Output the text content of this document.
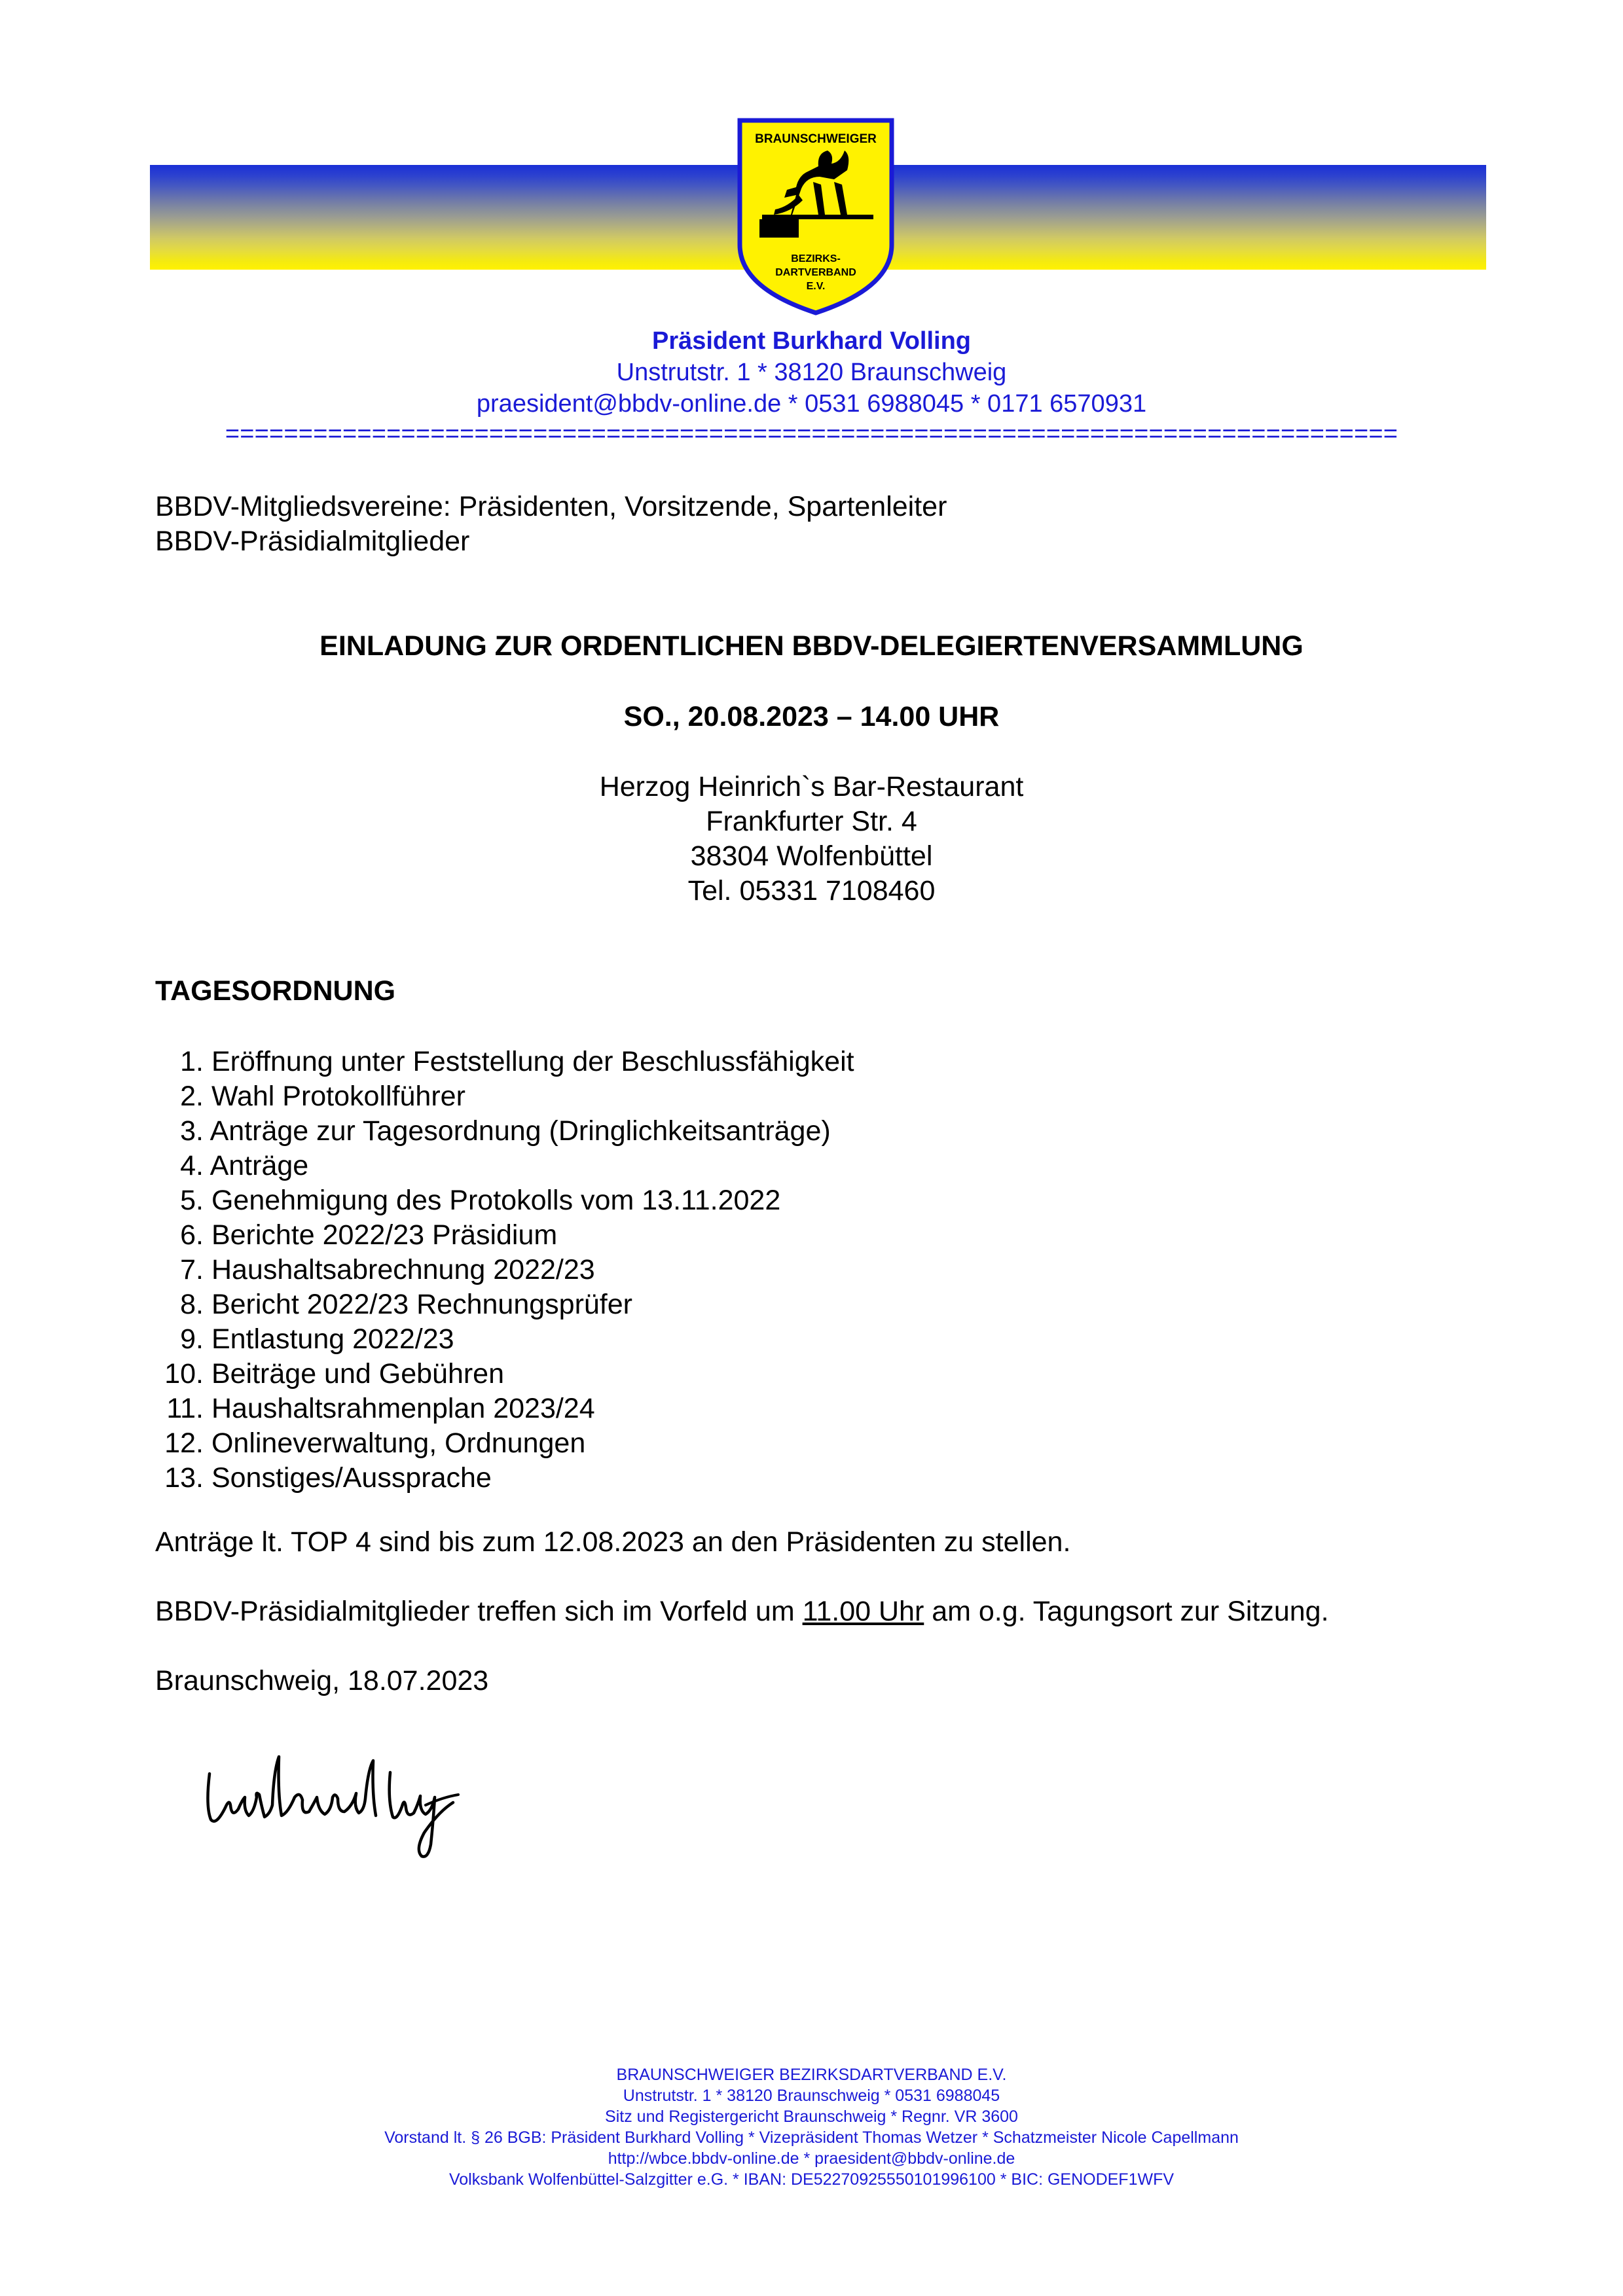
BRAUNSCHWEIGER
BEZIRKS-
DARTVERBAND
E.V.
Präsident Burkhard Volling
Unstrutstr. 1 * 38120 Braunschweig
praesident@bbdv-online.de * 0531 6988045 * 0171 6570931
================================================================================
BBDV-Mitgliedsvereine: Präsidenten, Vorsitzende, Spartenleiter
BBDV-Präsidialmitglieder
EINLADUNG ZUR ORDENTLICHEN BBDV-DELEGIERTENVERSAMMLUNG
SO., 20.08.2023 – 14.00 UHR
Herzog Heinrich`s Bar-Restaurant
Frankfurter Str. 4
38304 Wolfenbüttel
Tel. 05331 7108460
TAGESORDNUNG
1. Eröffnung unter Feststellung der Beschlussfähigkeit
2. Wahl Protokollführer
3. Anträge zur Tagesordnung (Dringlichkeitsanträge)
4. Anträge
5. Genehmigung des Protokolls vom 13.11.2022
6. Berichte 2022/23 Präsidium
7. Haushaltsabrechnung 2022/23
8. Bericht 2022/23 Rechnungsprüfer
9. Entlastung 2022/23
10. Beiträge und Gebühren
11. Haushaltsrahmenplan 2023/24
12. Onlineverwaltung, Ordnungen
13. Sonstiges/Aussprache
Anträge lt. TOP 4 sind bis zum 12.08.2023 an den Präsidenten zu stellen.
BBDV-Präsidialmitglieder treffen sich im Vorfeld um 11.00 Uhr am o.g. Tagungsort zur Sitzung.
Braunschweig, 18.07.2023
BRAUNSCHWEIGER BEZIRKSDARTVERBAND E.V.
Unstrutstr. 1 * 38120 Braunschweig * 0531 6988045
Sitz und Registergericht Braunschweig * Regnr. VR 3600
Vorstand lt. § 26 BGB: Präsident Burkhard Volling * Vizepräsident Thomas Wetzer * Schatzmeister Nicole Capellmann
http://wbce.bbdv-online.de * praesident@bbdv-online.de
Volksbank Wolfenbüttel-Salzgitter e.G. * IBAN: DE52270925550101996100 * BIC: GENODEF1WFV
